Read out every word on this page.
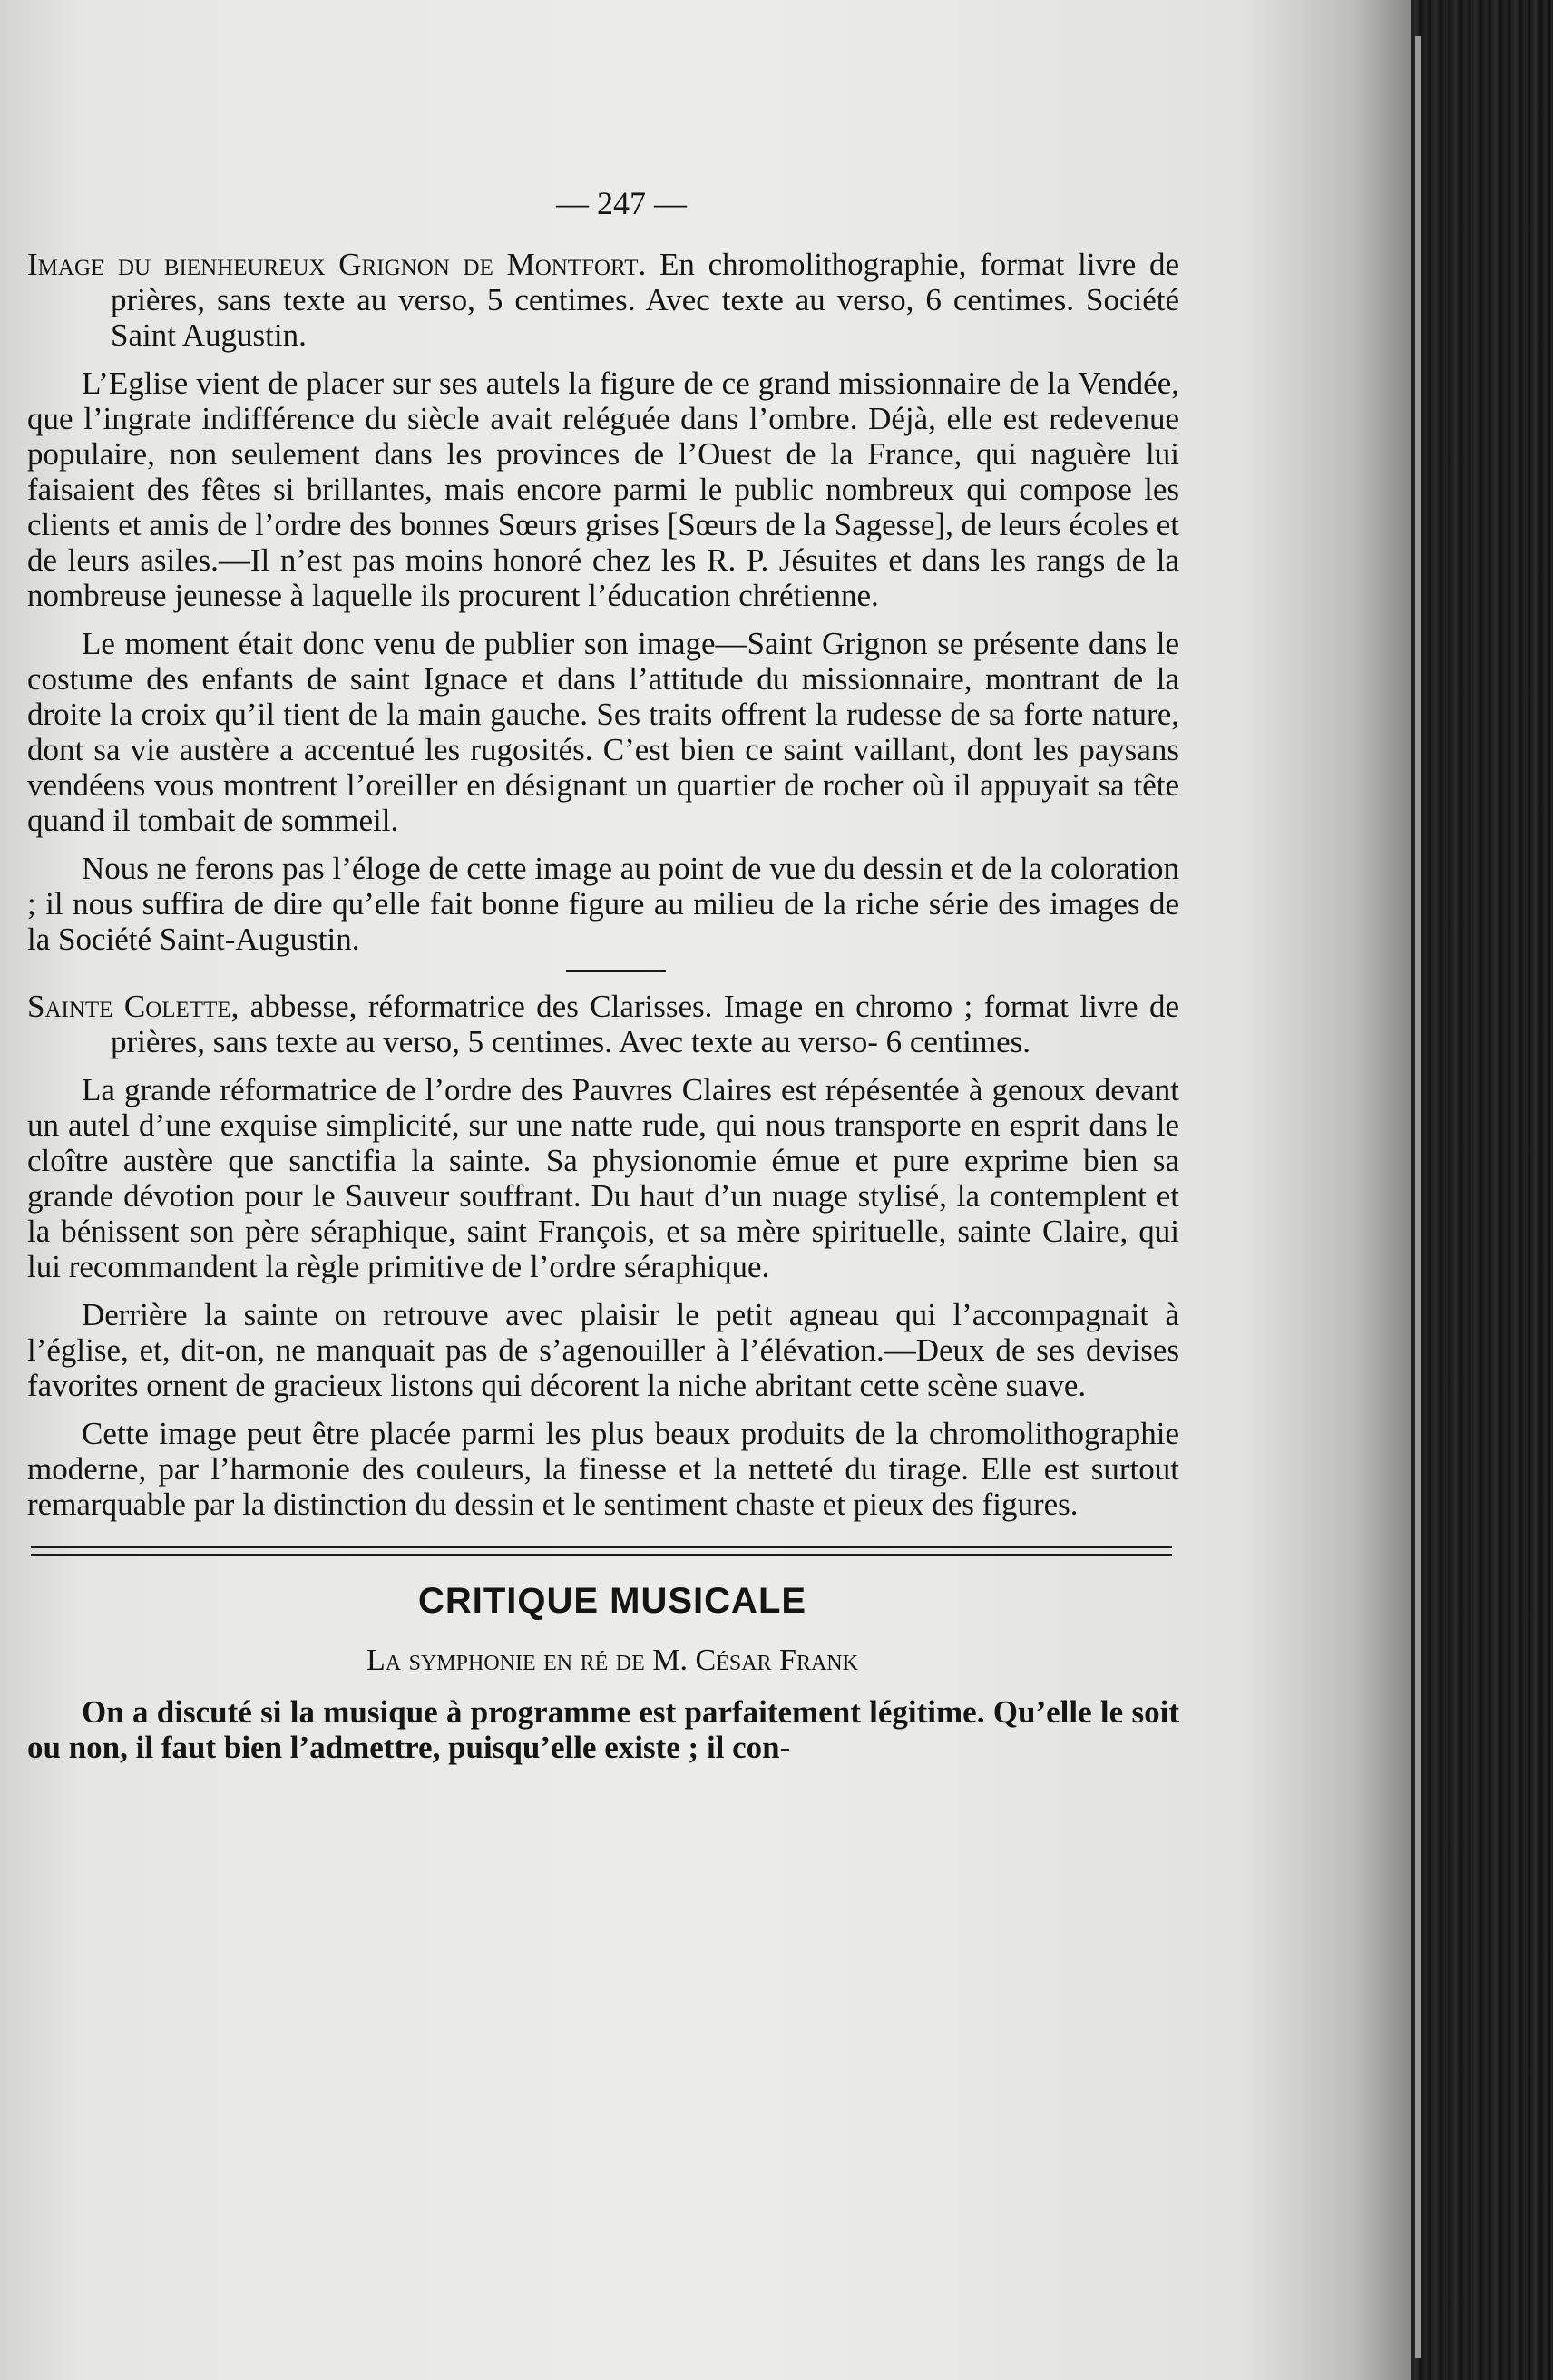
— 247 —

Image du bienheureux Grignon de Montfort. En chromolithographie, format livre de prières, sans texte au verso, 5 centimes. Avec texte au verso, 6 centimes. Société Saint Augustin.

L’Eglise vient de placer sur ses autels la figure de ce grand missionnaire de la Vendée, que l’ingrate indifférence du siècle avait reléguée dans l’ombre. Déjà, elle est redevenue populaire, non seulement dans les provinces de l’Ouest de la France, qui naguère lui faisaient des fêtes si brillantes, mais encore parmi le public nombreux qui compose les clients et amis de l’ordre des bonnes Sœurs grises [Sœurs de la Sagesse], de leurs écoles et de leurs asiles.—Il n’est pas moins honoré chez les R. P. Jésuites et dans les rangs de la nombreuse jeunesse à laquelle ils procurent l’éducation chrétienne.

Le moment était donc venu de publier son image—Saint Grignon se présente dans le costume des enfants de saint Ignace et dans l’attitude du missionnaire, montrant de la droite la croix qu’il tient de la main gauche. Ses traits offrent la rudesse de sa forte nature, dont sa vie austère a accentué les rugosités. C’est bien ce saint vaillant, dont les paysans vendéens vous montrent l’oreiller en désignant un quartier de rocher où il appuyait sa tête quand il tombait de sommeil.

Nous ne ferons pas l’éloge de cette image au point de vue du dessin et de la coloration ; il nous suffira de dire qu’elle fait bonne figure au milieu de la riche série des images de la Société Saint-Augustin.

Sainte Colette, abbesse, réformatrice des Clarisses. Image en chromo ; format livre de prières, sans texte au verso, 5 centimes. Avec texte au verso- 6 centimes.

La grande réformatrice de l’ordre des Pauvres Claires est répésentée à genoux devant un autel d’une exquise simplicité, sur une natte rude, qui nous transporte en esprit dans le cloître austère que sanctifia la sainte. Sa physionomie émue et pure exprime bien sa grande dévotion pour le Sauveur souffrant. Du haut d’un nuage stylisé, la contemplent et la bénissent son père séraphique, saint François, et sa mère spirituelle, sainte Claire, qui lui recommandent la règle primitive de l’ordre séraphique.

Derrière la sainte on retrouve avec plaisir le petit agneau qui l’accompagnait à l’église, et, dit-on, ne manquait pas de s’agenouiller à l’élévation.—Deux de ses devises favorites ornent de gracieux listons qui décorent la niche abritant cette scène suave.

Cette image peut être placée parmi les plus beaux produits de la chromolithographie moderne, par l’harmonie des couleurs, la finesse et la netteté du tirage. Elle est surtout remarquable par la distinction du dessin et le sentiment chaste et pieux des figures.

CRITIQUE MUSICALE
La symphonie en ré de M. César Frank

On a discuté si la musique à programme est parfaitement légitime. Qu’elle le soit ou non, il faut bien l’admettre, puisqu’elle existe ; il con-
